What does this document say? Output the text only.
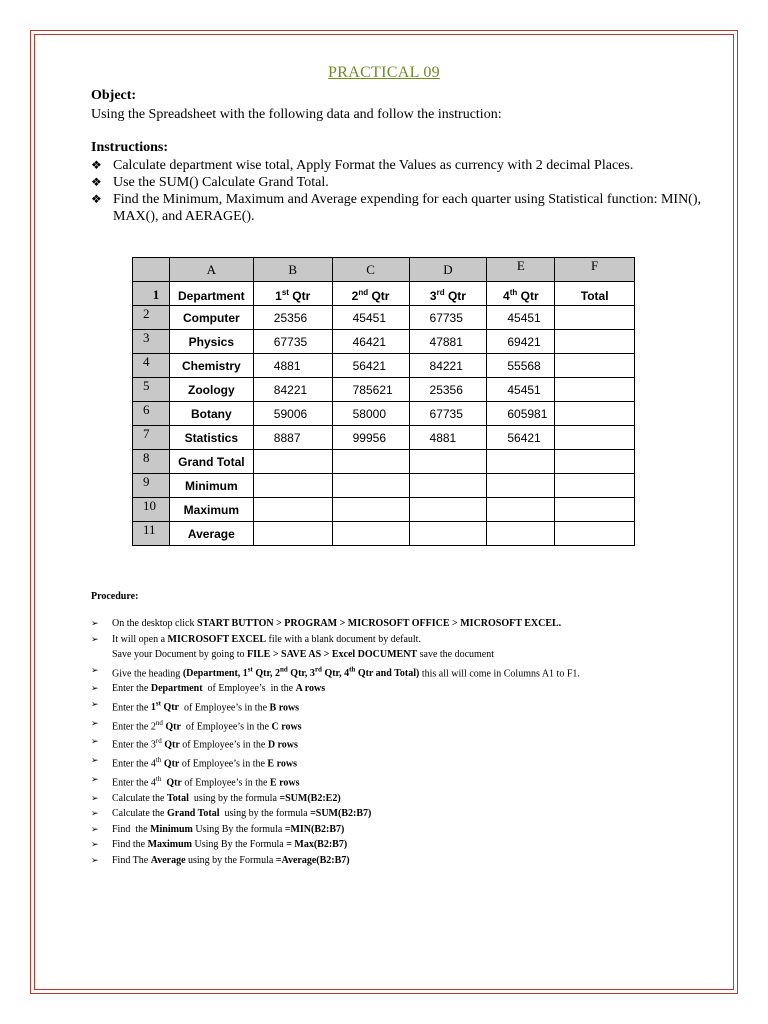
PRACTICAL 09
Object:
Using the Spreadsheet with the following data and follow the instruction:
Instructions:
❖ Calculate department wise total, Apply Format the Values as currency with 2 decimal Places.
❖ Use the SUM() Calculate Grand Total.
❖ Find the Minimum, Maximum and Average expending for each quarter using Statistical function: MIN(), MAX(), and AERAGE().
	A	B	C	D	E	F
1	Department	1st Qtr	2nd Qtr	3rd Qtr	4th Qtr	Total
2	Computer	25356	45451	67735	45451	
3	Physics	67735	46421	47881	69421	
4	Chemistry	4881	56421	84221	55568	
5	Zoology	84221	785621	25356	45451	
6	Botany	59006	58000	67735	605981	
7	Statistics	8887	99956	4881	56421	
8	Grand Total					
9	Minimum					
10	Maximum					
11	Average					
Procedure:
➢	On the desktop click START BUTTON > PROGRAM > MICROSOFT OFFICE > MICROSOFT EXCEL.
➢	It will open a MICROSOFT EXCEL file with a blank document by default.
Save your Document by going to FILE > SAVE AS > Excel DOCUMENT save the document
➢	Give the heading (Department, 1st Qtr, 2nd Qtr, 3rd Qtr, 4th Qtr and Total) this all will come in Columns A1 to F1.
➢	Enter the Department  of Employee’s  in the A rows
➢	Enter the 1st Qtr  of Employee’s in the B rows
➢	Enter the 2nd Qtr  of Employee’s in the C rows
➢	Enter the 3rd Qtr of Employee’s in the D rows
➢	Enter the 4th Qtr of Employee’s in the E rows
➢	Enter the 4th Qtr of Employee’s in the E rows
➢	Calculate the Total  using by the formula =SUM(B2:E2)
➢	Calculate the Grand Total  using by the formula =SUM(B2:B7)
➢	Find  the Minimum Using By the formula =MIN(B2:B7)
➢	Find the Maximum Using By the Formula = Max(B2:B7)
➢	Find The Average using by the Formula =Average(B2:B7)
